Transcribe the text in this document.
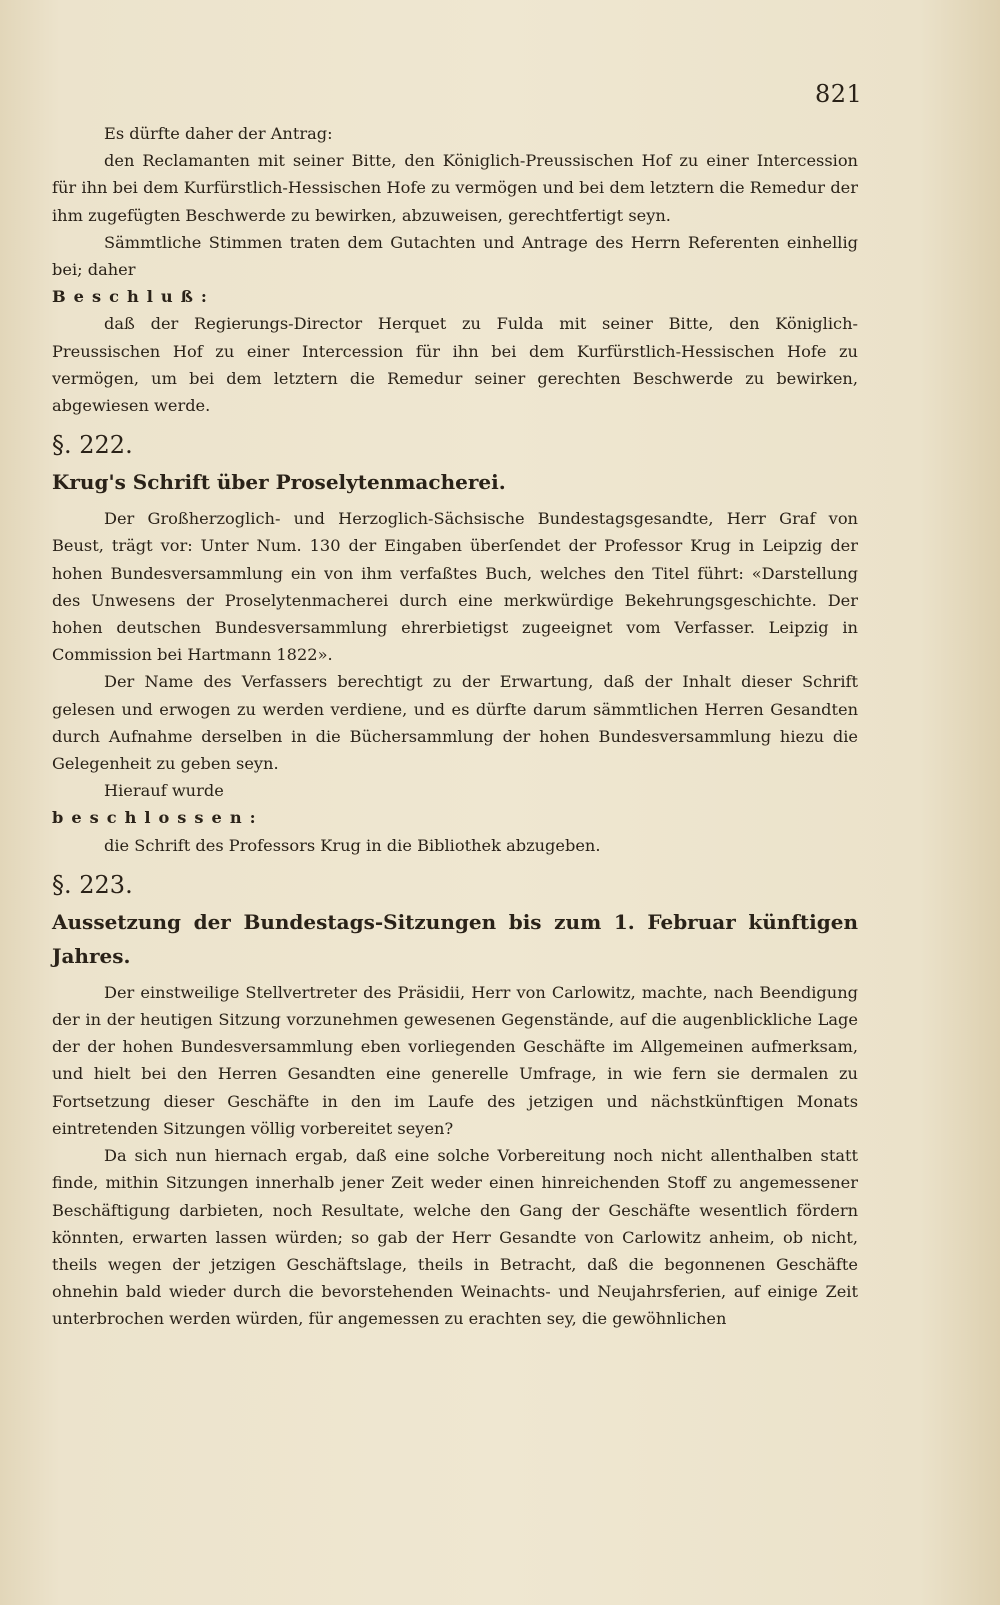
821

Es dürfte daher der Antrag:

den Reclamanten mit seiner Bitte, den Königlich-Preussischen Hof zu einer Intercession für ihn bei dem Kurfürstlich-Hessischen Hofe zu vermögen und bei dem letztern die Remedur der ihm zugefügten Beschwerde zu bewirken, abzuweisen, gerechtfertigt seyn.

Sämmtliche Stimmen traten dem Gutachten und Antrage des Herrn Referenten einhellig bei; daher

Beschluß:

daß der Regierungs-Director Herquet zu Fulda mit seiner Bitte, den Königlich-Preussischen Hof zu einer Intercession für ihn bei dem Kurfürstlich-Hessischen Hofe zu vermögen, um bei dem letztern die Remedur seiner gerechten Beschwerde zu bewirken, abgewiesen werde.

§. 222.

Krug's Schrift über Proselytenmacherei.

Der Großherzoglich- und Herzoglich-Sächsische Bundestagsgesandte, Herr Graf von Beust, trägt vor: Unter Num. 130 der Eingaben überſendet der Professor Krug in Leipzig der hohen Bundesversammlung ein von ihm verfaßtes Buch, welches den Titel führt: «Darstellung des Unwesens der Proselytenmacherei durch eine merkwürdige Bekehrungsgeschichte. Der hohen deutschen Bundesversammlung ehrerbietigst zugeeignet vom Verfasser. Leipzig in Commission bei Hartmann 1822».

Der Name des Verfassers berechtigt zu der Erwartung, daß der Inhalt dieser Schrift gelesen und erwogen zu werden verdiene, und es dürfte darum sämmtlichen Herren Gesandten durch Aufnahme derselben in die Büchersammlung der hohen Bundesversammlung hiezu die Gelegenheit zu geben seyn.

Hierauf wurde

beschlossen:

die Schrift des Professors Krug in die Bibliothek abzugeben.

§. 223.

Aussetzung der Bundestags-Sitzungen bis zum 1. Februar künftigen Jahres.

Der einstweilige Stellvertreter des Präsidii, Herr von Carlowitz, machte, nach Beendigung der in der heutigen Sitzung vorzunehmen gewesenen Gegenstände, auf die augenblickliche Lage der der hohen Bundesversammlung eben vorliegenden Geschäfte im Allgemeinen aufmerksam, und hielt bei den Herren Gesandten eine generelle Umfrage, in wie fern sie dermalen zu Fortsetzung dieser Geschäfte in den im Laufe des jetzigen und nächstkünftigen Monats eintretenden Sitzungen völlig vorbereitet seyen?

Da sich nun hiernach ergab, daß eine solche Vorbereitung noch nicht allenthalben statt finde, mithin Sitzungen innerhalb jener Zeit weder einen hinreichenden Stoff zu angemessener Beschäftigung darbieten, noch Resultate, welche den Gang der Geschäfte wesentlich fördern könnten, erwarten lassen würden; so gab der Herr Gesandte von Carlowitz anheim, ob nicht, theils wegen der jetzigen Geschäftslage, theils in Betracht, daß die begonnenen Geschäfte ohnehin bald wieder durch die bevorstehenden Weinachts- und Neujahrsferien, auf einige Zeit unterbrochen werden würden, für angemessen zu erachten sey, die gewöhnlichen
